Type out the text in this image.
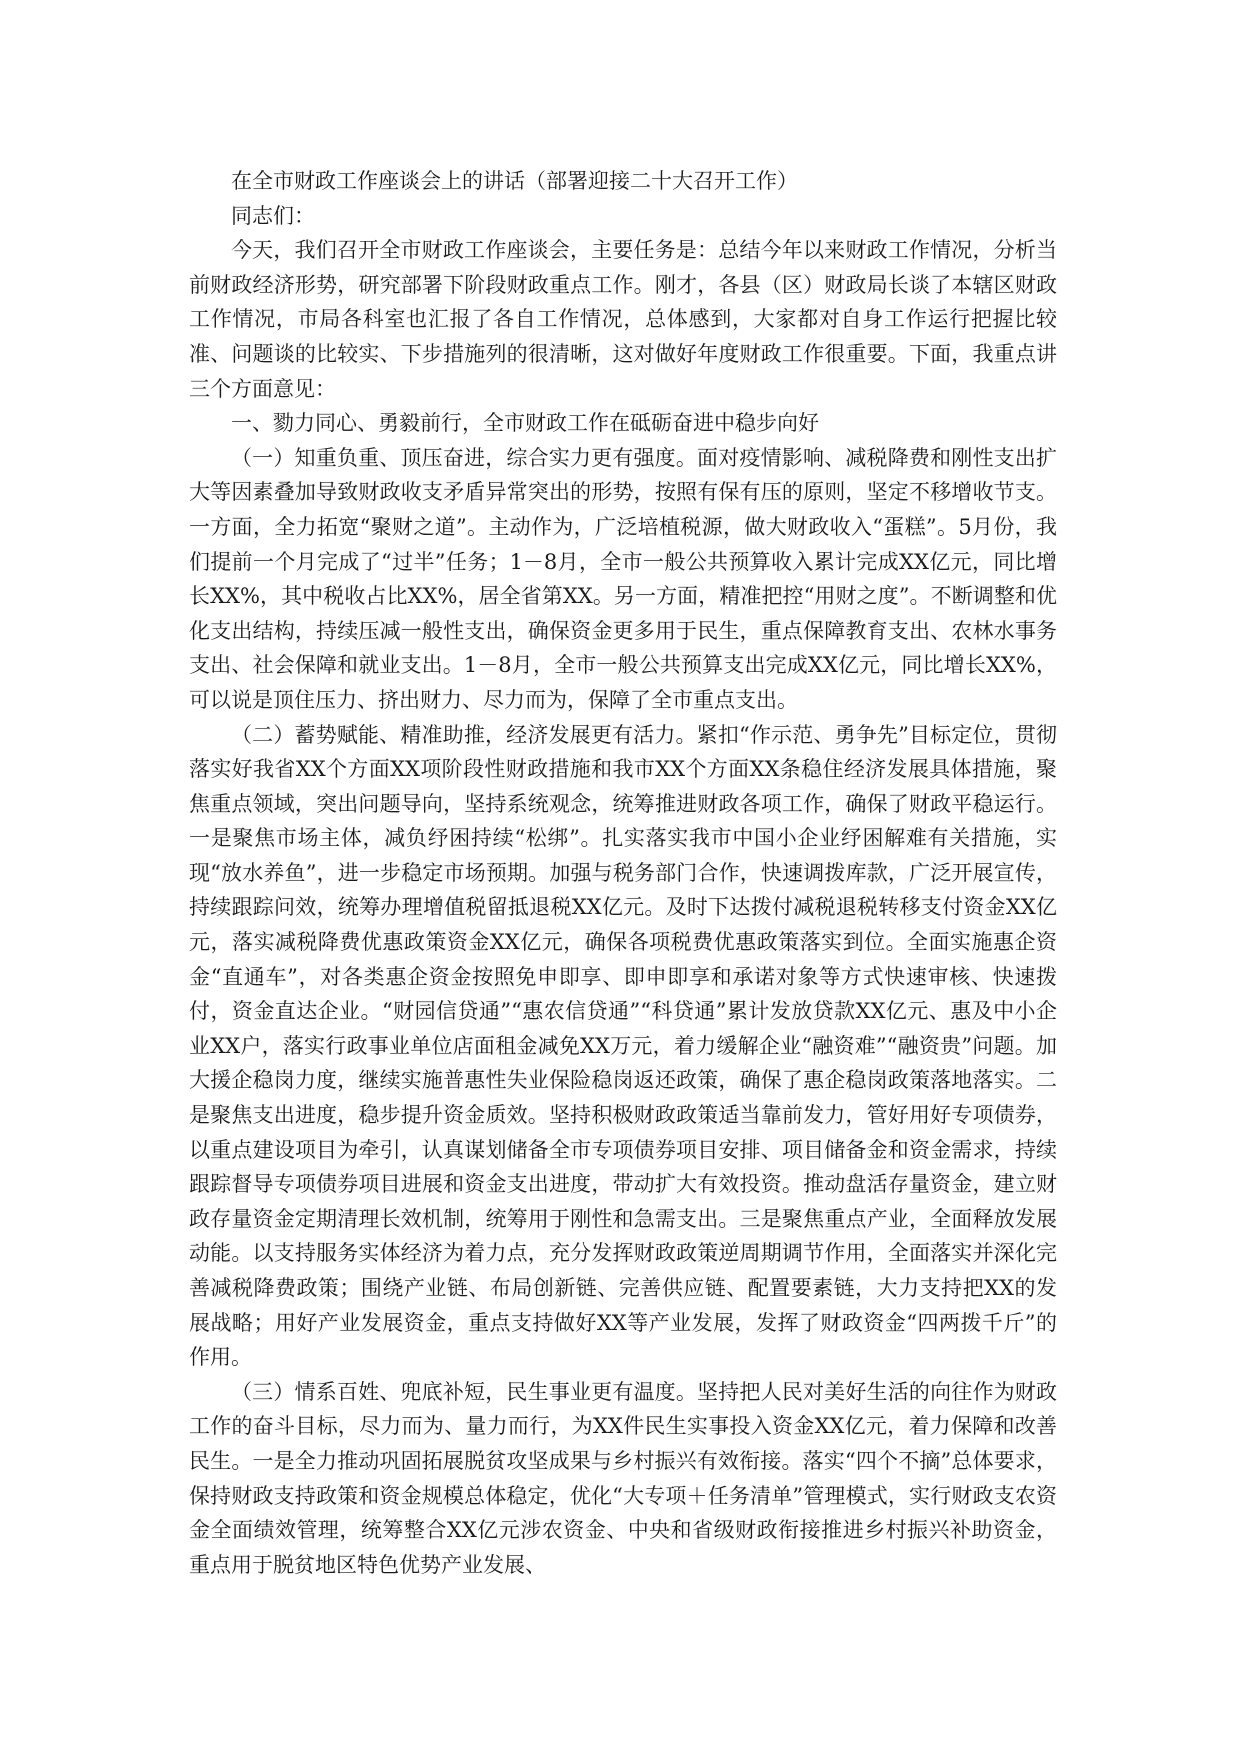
在全市财政工作座谈会上的讲话（部署迎接二十大召开工作）

同志们：

今天，我们召开全市财政工作座谈会，主要任务是：总结今年以来财政工作情况，分析当前财政经济形势，研究部署下阶段财政重点工作。刚才，各县（区）财政局长谈了本辖区财政工作情况，市局各科室也汇报了各自工作情况，总体感到，大家都对自身工作运行把握比较准、问题谈的比较实、下步措施列的很清晰，这对做好年度财政工作很重要。下面，我重点讲三个方面意见：

一、勠力同心、勇毅前行，全市财政工作在砥砺奋进中稳步向好

（一）知重负重、顶压奋进，综合实力更有强度。面对疫情影响、减税降费和刚性支出扩大等因素叠加导致财政收支矛盾异常突出的形势，按照有保有压的原则，坚定不移增收节支。一方面，全力拓宽“聚财之道”。主动作为，广泛培植税源，做大财政收入“蛋糕”。5月份，我们提前一个月完成了“过半”任务；1－8月，全市一般公共预算收入累计完成XX亿元，同比增长XX%，其中税收占比XX%，居全省第XX。另一方面，精准把控“用财之度”。不断调整和优化支出结构，持续压减一般性支出，确保资金更多用于民生，重点保障教育支出、农林水事务支出、社会保障和就业支出。1－8月，全市一般公共预算支出完成XX亿元，同比增长XX%，可以说是顶住压力、挤出财力、尽力而为，保障了全市重点支出。

（二）蓄势赋能、精准助推，经济发展更有活力。紧扣“作示范、勇争先”目标定位，贯彻落实好我省XX个方面XX项阶段性财政措施和我市XX个方面XX条稳住经济发展具体措施，聚焦重点领域，突出问题导向，坚持系统观念，统筹推进财政各项工作，确保了财政平稳运行。一是聚焦市场主体，减负纾困持续“松绑”。扎实落实我市中国小企业纾困解难有关措施，实现“放水养鱼”，进一步稳定市场预期。加强与税务部门合作，快速调拨库款，广泛开展宣传，持续跟踪问效，统筹办理增值税留抵退税XX亿元。及时下达拨付减税退税转移支付资金XX亿元，落实减税降费优惠政策资金XX亿元，确保各项税费优惠政策落实到位。全面实施惠企资金“直通车”，对各类惠企资金按照免申即享、即申即享和承诺对象等方式快速审核、快速拨付，资金直达企业。“财园信贷通”“惠农信贷通”“科贷通”累计发放贷款XX亿元、惠及中小企业XX户，落实行政事业单位店面租金减免XX万元，着力缓解企业“融资难”“融资贵”问题。加大援企稳岗力度，继续实施普惠性失业保险稳岗返还政策，确保了惠企稳岗政策落地落实。二是聚焦支出进度，稳步提升资金质效。坚持积极财政政策适当靠前发力，管好用好专项债券，以重点建设项目为牵引，认真谋划储备全市专项债券项目安排、项目储备金和资金需求，持续跟踪督导专项债券项目进展和资金支出进度，带动扩大有效投资。推动盘活存量资金，建立财政存量资金定期清理长效机制，统筹用于刚性和急需支出。三是聚焦重点产业，全面释放发展动能。以支持服务实体经济为着力点，充分发挥财政政策逆周期调节作用，全面落实并深化完善减税降费政策；围绕产业链、布局创新链、完善供应链、配置要素链，大力支持把XX的发展战略；用好产业发展资金，重点支持做好XX等产业发展，发挥了财政资金“四两拨千斤”的作用。

（三）情系百姓、兜底补短，民生事业更有温度。坚持把人民对美好生活的向往作为财政工作的奋斗目标，尽力而为、量力而行，为XX件民生实事投入资金XX亿元，着力保障和改善民生。一是全力推动巩固拓展脱贫攻坚成果与乡村振兴有效衔接。落实“四个不摘”总体要求，保持财政支持政策和资金规模总体稳定，优化“大专项＋任务清单”管理模式，实行财政支农资金全面绩效管理，统筹整合XX亿元涉农资金、中央和省级财政衔接推进乡村振兴补助资金，重点用于脱贫地区特色优势产业发展、
